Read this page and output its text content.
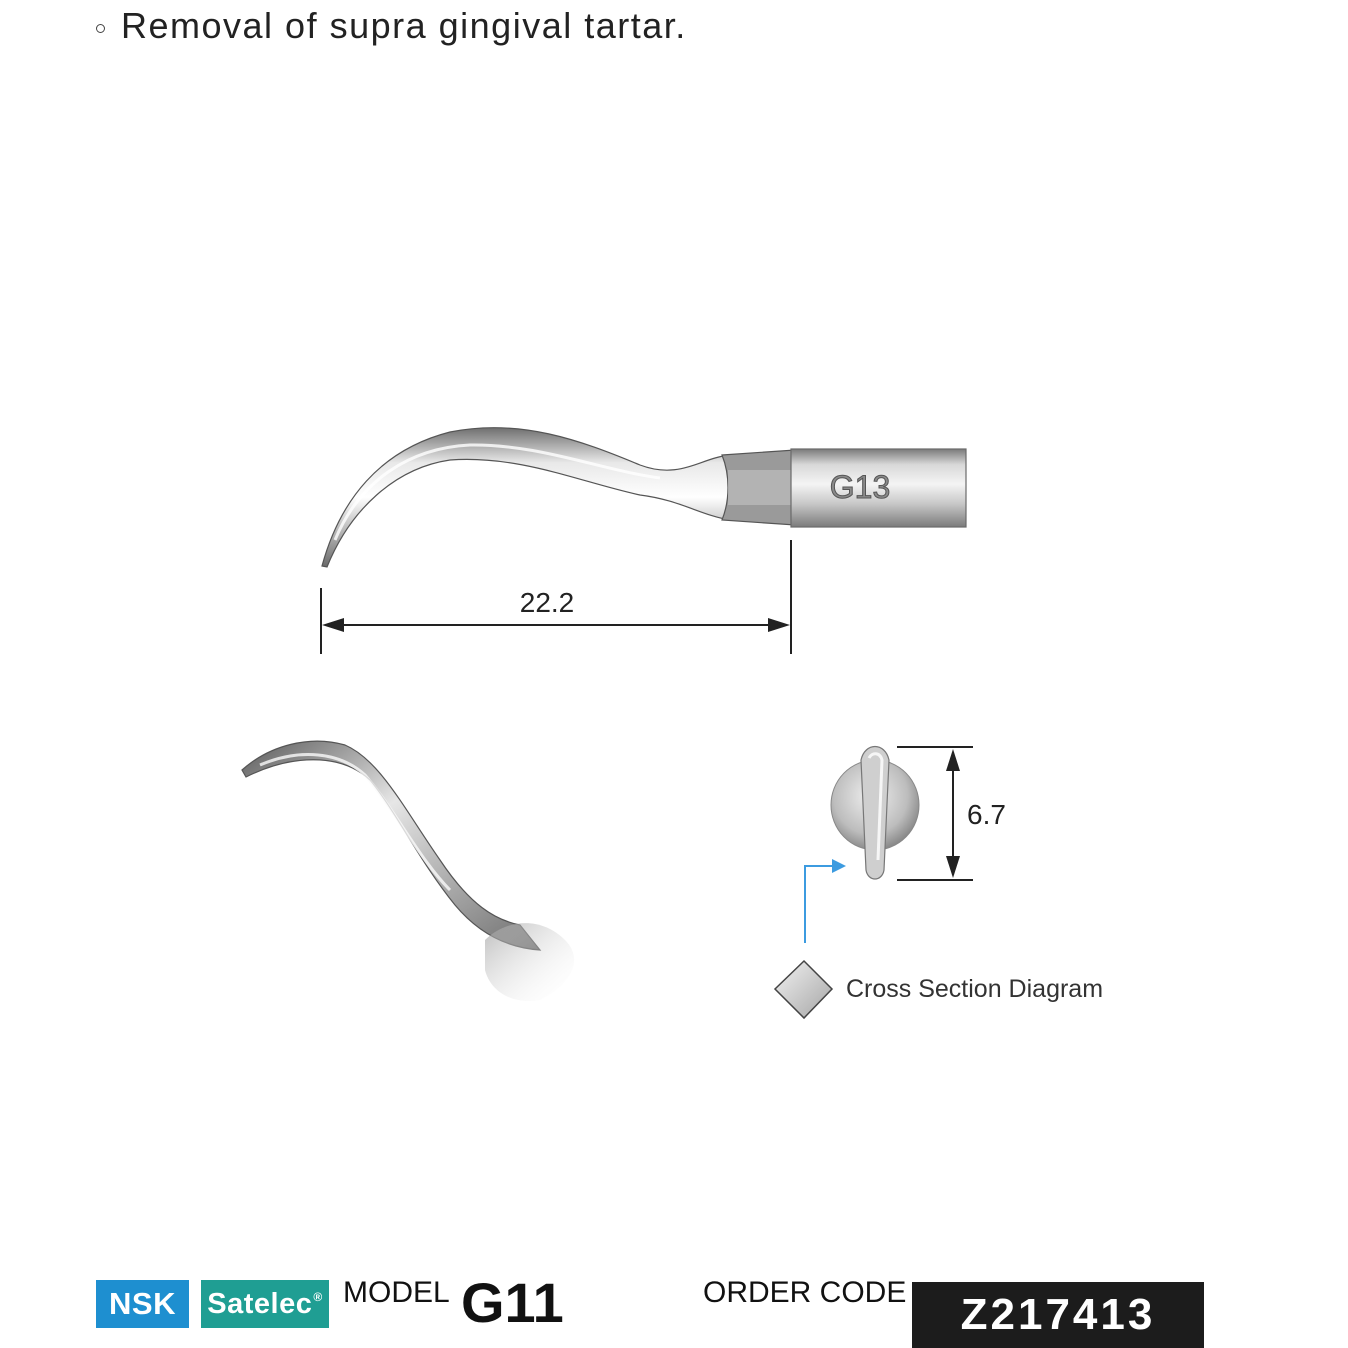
Removal of supra gingival tartar.
G13
22.2
6.7
Cross Section Diagram
NSK Satelec® MODEL G11	ORDER CODE Z217413
